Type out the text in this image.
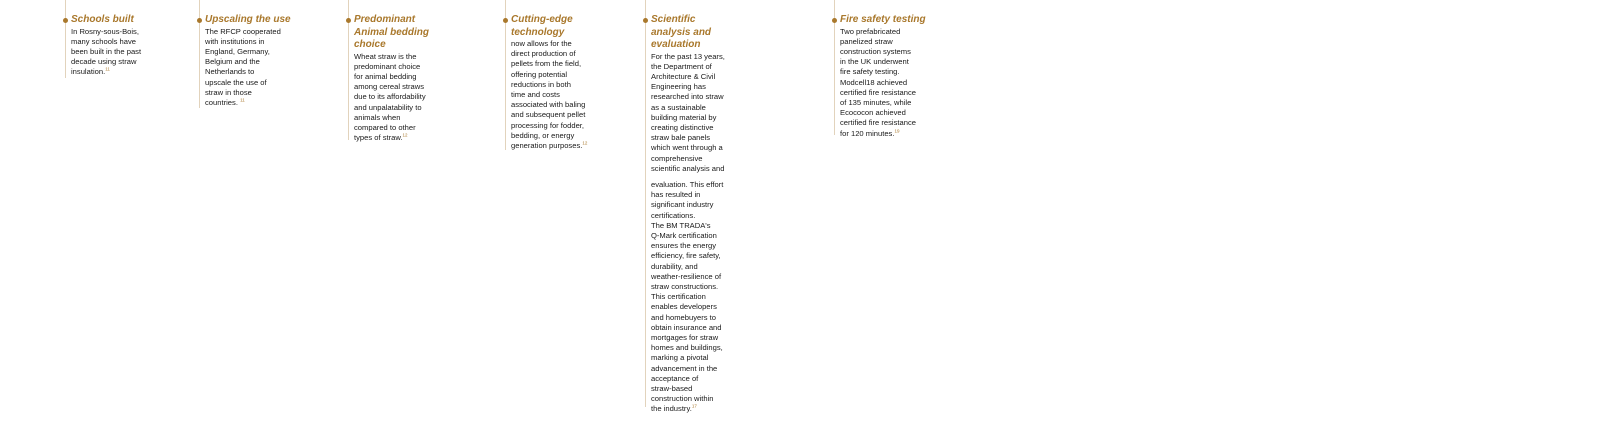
Schools built
In Rosny-sous-Bois,
many schools have
been built in the past
decade using straw
insulation.$^{11}$
Upscaling the use
The RFCP cooperated
with institutions in
England, Germany,
Belgium and the
Netherlands to
upscale the use of
straw in those
countries. $^{11}$
Predominant
Animal bedding
choice
Wheat straw is the
predominant choice
for animal bedding
among cereal straws
due to its affordability
and unpalatability to
animals when
compared to other
types of straw.$^{12}$
Cutting-edge
technology
now allows for the
direct production of
pellets from the field,
offering potential
reductions in both
time and costs
associated with baling
and subsequent pellet
processing for fodder,
bedding, or energy
generation purposes.$^{12}$
Scientific
analysis and
evaluation
For the past 13 years,
the Department of
Architecture & Civil
Engineering has
researched into straw
as a sustainable
building material by
creating distinctive
straw bale panels
which went through a
comprehensive
scientific analysis and
evaluation. This effort
has resulted in
significant industry
certifications.
The BM TRADA's
Q-Mark certification
ensures the energy
efficiency, fire safety,
durability, and
weather-resilience of
straw constructions.
This certification
enables developers
and homebuyers to
obtain insurance and
mortgages for straw
homes and buildings,
marking a pivotal
advancement in the
acceptance of
straw-based
construction within
the industry.$^{17}$
Fire safety testing
Two prefabricated
panelized straw
construction systems
in the UK underwent
fire safety testing.
Modcell18 achieved
certified fire resistance
of 135 minutes, while
Ecococon achieved
certified fire resistance
for 120 minutes.$^{19}$
